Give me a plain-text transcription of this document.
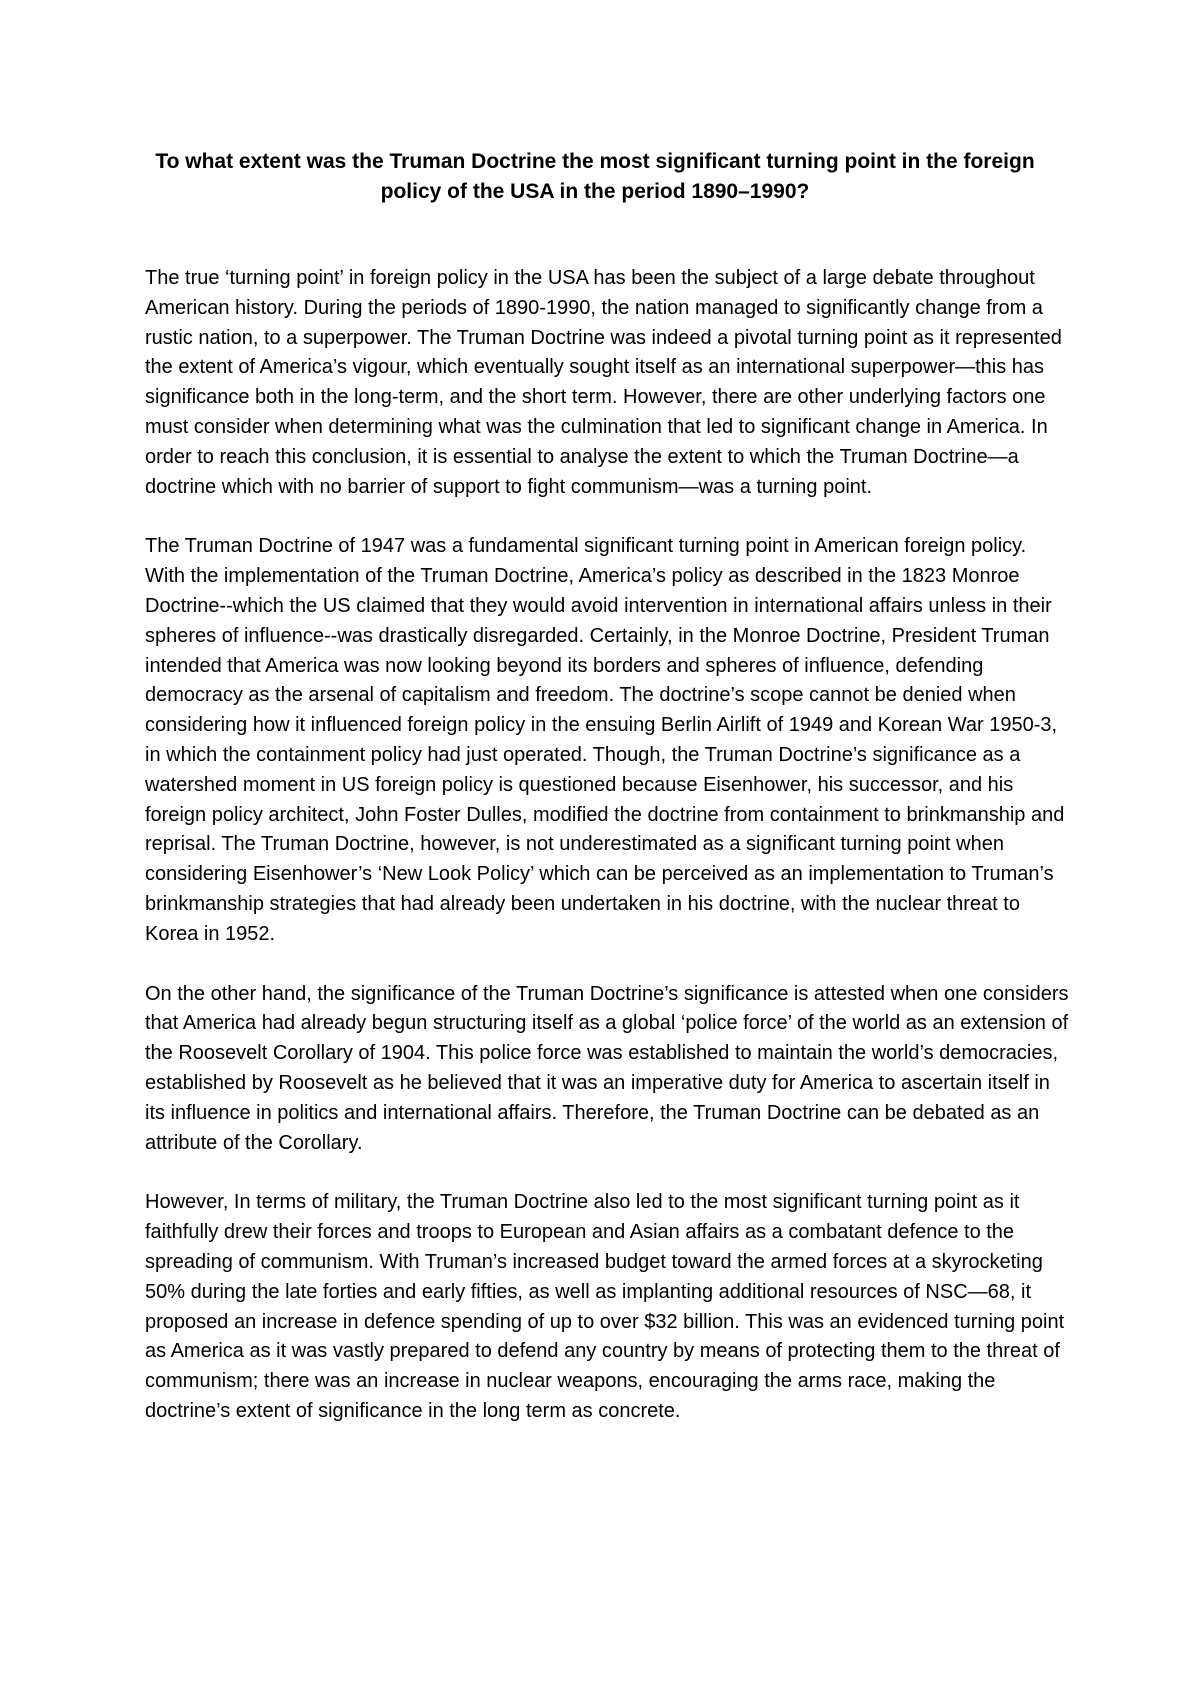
To what extent was the Truman Doctrine the most significant turning point in the foreign policy of the USA in the period 1890–1990?

The true ‘turning point’ in foreign policy in the USA has been the subject of a large debate throughout American history. During the periods of 1890-1990, the nation managed to significantly change from a rustic nation, to a superpower. The Truman Doctrine was indeed a pivotal turning point as it represented the extent of America’s vigour, which eventually sought itself as an international superpower—this has significance both in the long-term, and the short term. However, there are other underlying factors one must consider when determining what was the culmination that led to significant change in America. In order to reach this conclusion, it is essential to analyse the extent to which the Truman Doctrine—a doctrine which with no barrier of support to fight communism—was a turning point.

The Truman Doctrine of 1947 was a fundamental significant turning point in American foreign policy. With the implementation of the Truman Doctrine, America’s policy as described in the 1823 Monroe Doctrine--which the US claimed that they would avoid intervention in international affairs unless in their spheres of influence--was drastically disregarded. Certainly, in the Monroe Doctrine, President Truman intended that America was now looking beyond its borders and spheres of influence, defending democracy as the arsenal of capitalism and freedom. The doctrine’s scope cannot be denied when considering how it influenced foreign policy in the ensuing Berlin Airlift of 1949 and Korean War 1950-3, in which the containment policy had just operated. Though, the Truman Doctrine’s significance as a watershed moment in US foreign policy is questioned because Eisenhower, his successor, and his foreign policy architect, John Foster Dulles, modified the doctrine from containment to brinkmanship and reprisal. The Truman Doctrine, however, is not underestimated as a significant turning point when considering Eisenhower’s ‘New Look Policy’ which can be perceived as an implementation to Truman’s brinkmanship strategies that had already been undertaken in his doctrine, with the nuclear threat to Korea in 1952.

On the other hand, the significance of the Truman Doctrine’s significance is attested when one considers that America had already begun structuring itself as a global ‘police force’ of the world as an extension of the Roosevelt Corollary of 1904. This police force was established to maintain the world’s democracies, established by Roosevelt as he believed that it was an imperative duty for America to ascertain itself in its influence in politics and international affairs. Therefore, the Truman Doctrine can be debated as an attribute of the Corollary.

However, In terms of military, the Truman Doctrine also led to the most significant turning point as it faithfully drew their forces and troops to European and Asian affairs as a combatant defence to the spreading of communism. With Truman’s increased budget toward the armed forces at a skyrocketing 50% during the late forties and early fifties, as well as implanting additional resources of NSC—68, it proposed an increase in defence spending of up to over $32 billion. This was an evidenced turning point as America as it was vastly prepared to defend any country by means of protecting them to the threat of communism; there was an increase in nuclear weapons, encouraging the arms race, making the doctrine’s extent of significance in the long term as concrete.
